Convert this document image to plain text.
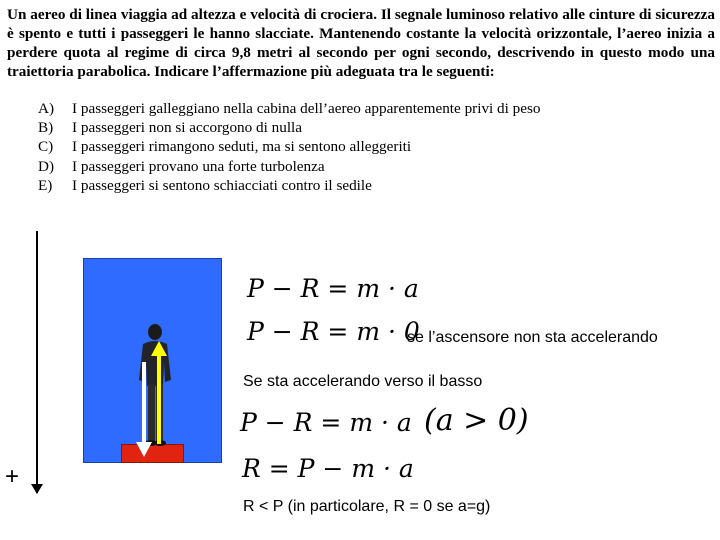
Un aereo di linea viaggia ad altezza e velocità di crociera. Il segnale luminoso relativo alle cinture di sicurezza è spento e tutti i passeggeri le hanno slacciate. Mantenendo costante la velocità orizzontale, l’aereo inizia a perdere quota al regime di circa 9,8 metri al secondo per ogni secondo, descrivendo in questo modo una traiettoria parabolica. Indicare l’affermazione più adeguata tra le seguenti:

A)	I passeggeri galleggiano nella cabina dell’aereo apparentemente privi di peso
B)	I passeggeri non si accorgono di nulla
C)	I passeggeri rimangono seduti, ma si sentono alleggeriti
D)	I passeggeri provano una forte turbolenza
E)	I passeggeri si sentono schiacciati contro il sedile
+
P − R = m · a
P − R = m · 0
se l’ascensore non sta accelerando
Se sta accelerando verso il basso
P − R = m · a (a > 0)
R = P − m · a
R < P (in particolare, R = 0 se a=g)
